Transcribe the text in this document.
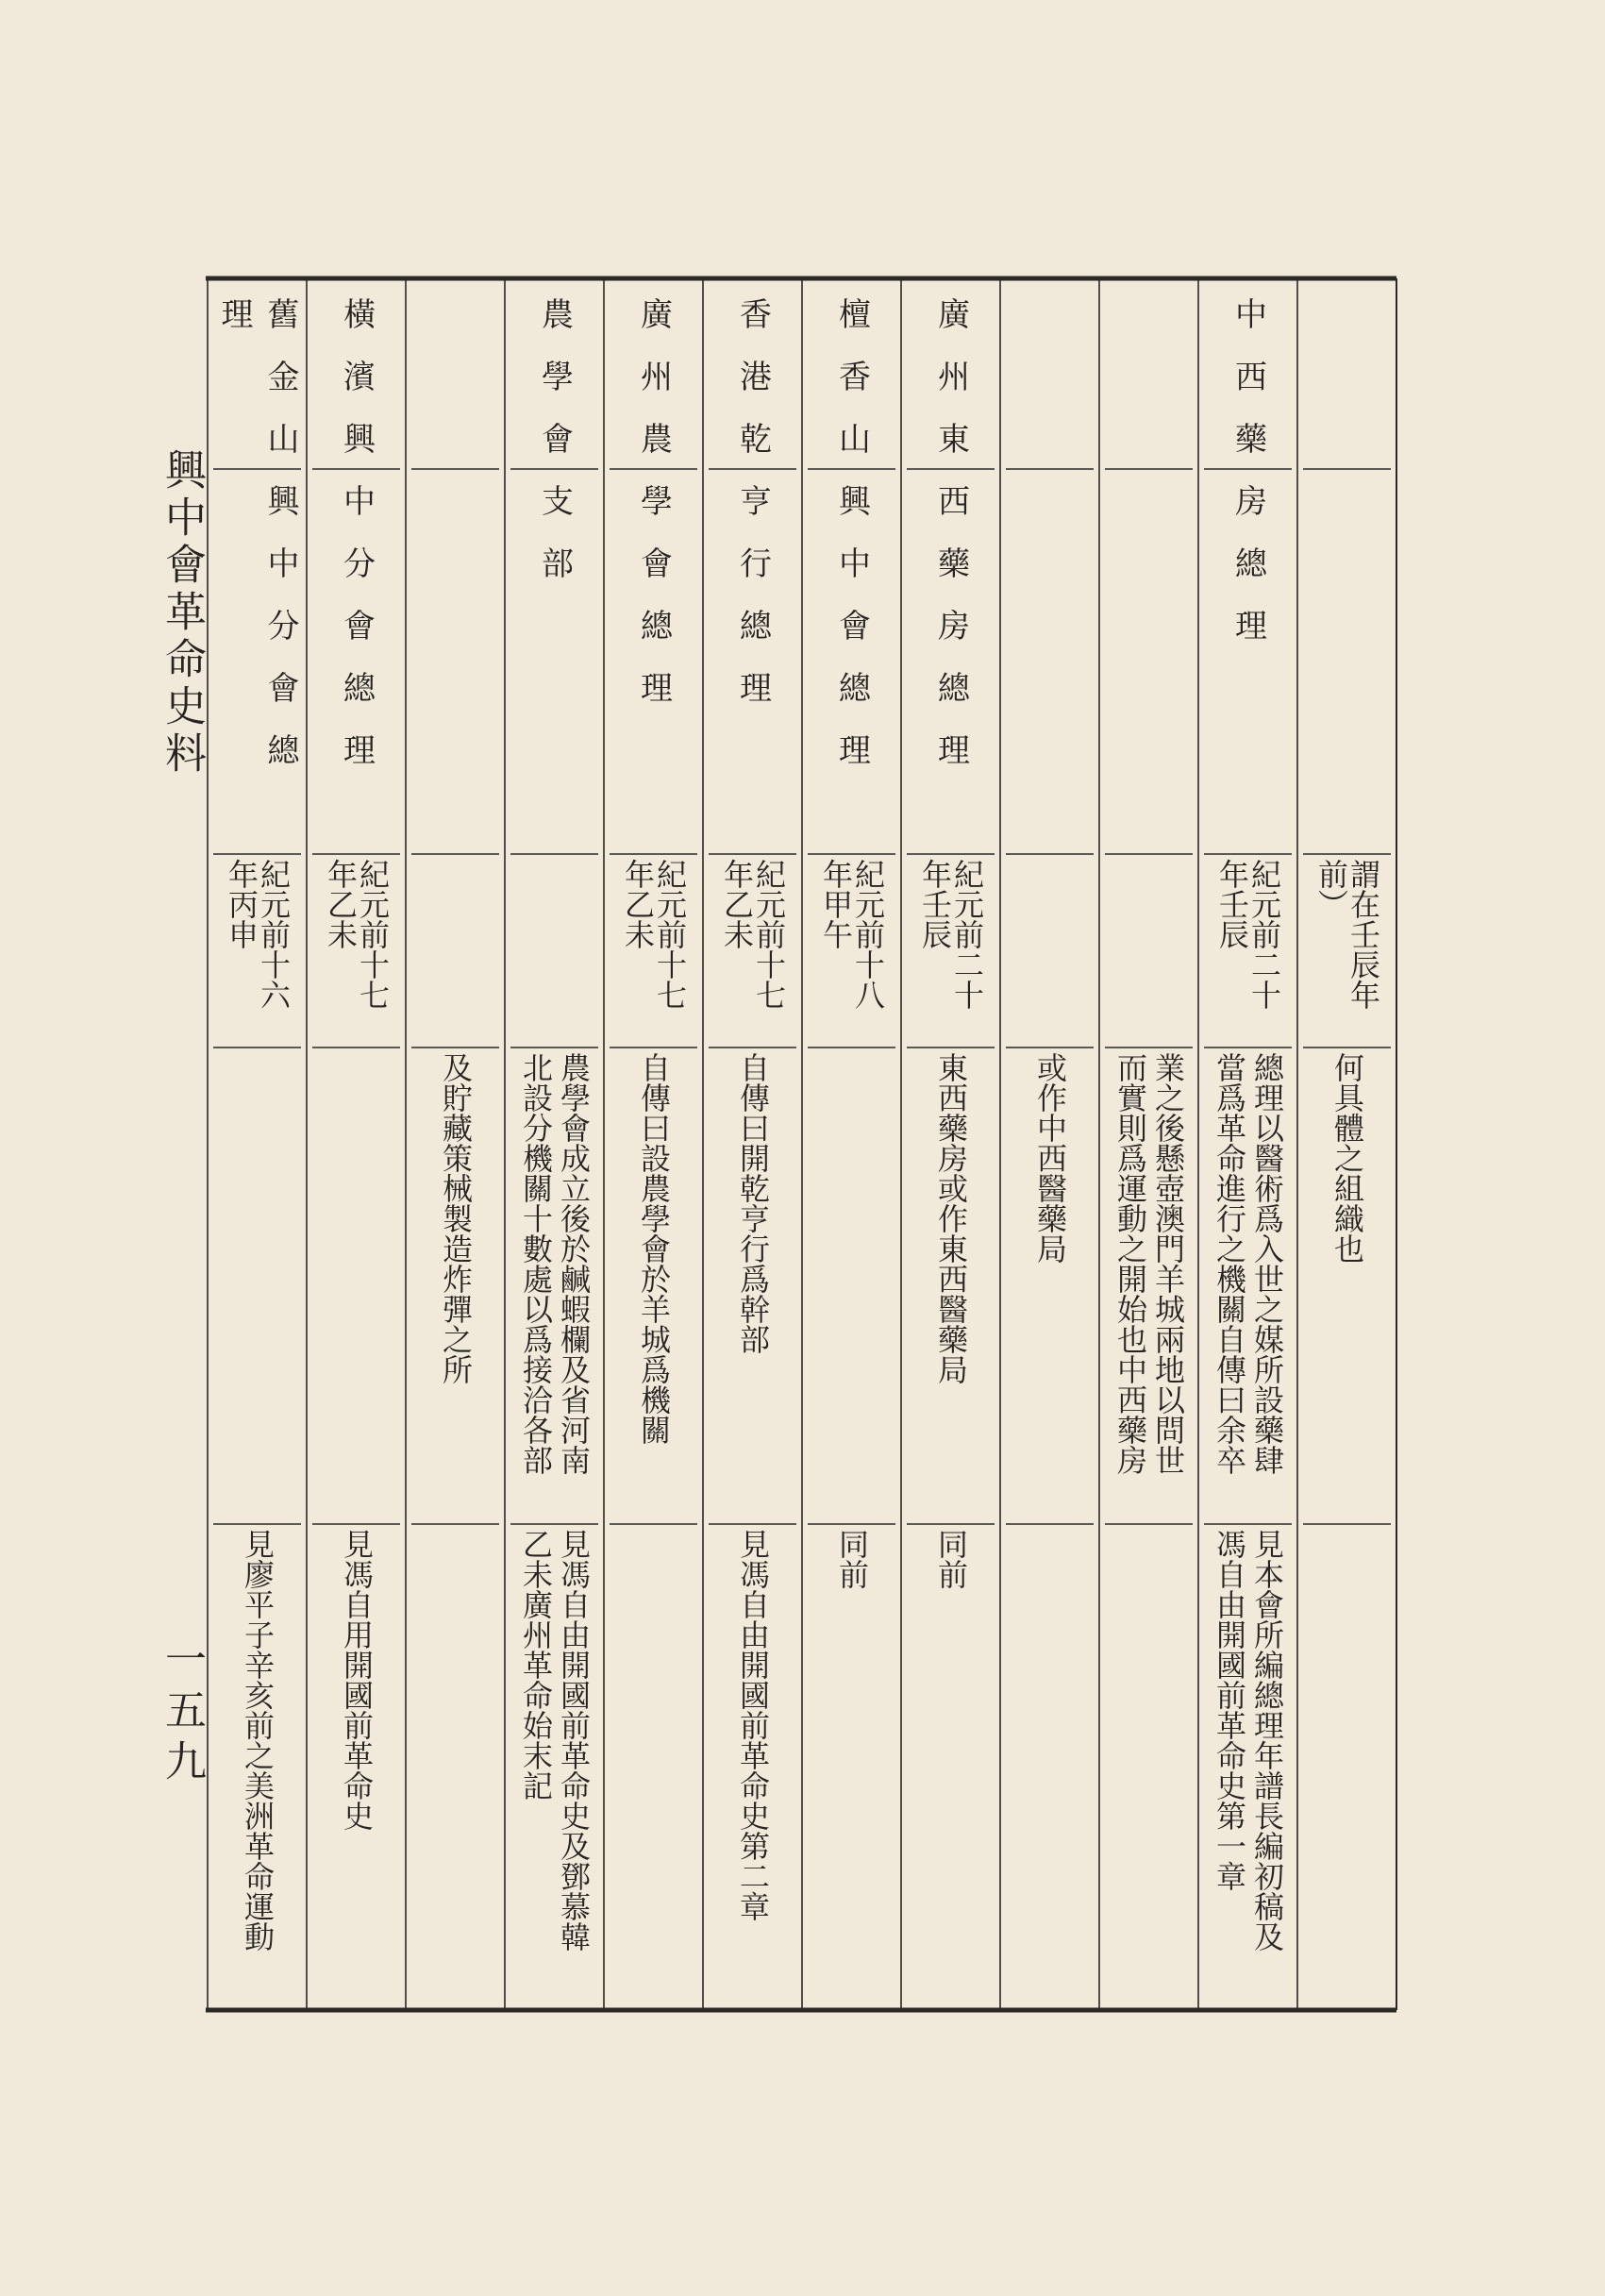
興中會革命史料
一五九
謂在壬辰年前）
何具體之組織也
中西藥房總理
紀元前二十年壬辰
總理以醫術爲入世之媒所設藥肆當爲革命進行之機關自傳曰余卒
見本會所編總理年譜長編初稿及馮自由開國前革命史第一章
業之後懸壺澳門羊城兩地以問世而實則爲運動之開始也中西藥房
或作中西醫藥局
廣州東西藥房總理
紀元前二十年壬辰
東西藥房或作東西醫藥局
同前
檀香山興中會總理
紀元前十八年甲午
同前
香港乾亨行總理
紀元前十七年乙未
自傳曰開乾亨行爲幹部
見馮自由開國前革命史第二章
廣州農學會總理
紀元前十七年乙未
自傳曰設農學會於羊城爲機關
農學會支部
農學會成立後於鹹蝦欄及省河南北設分機關十數處以爲接洽各部
見馮自由開國前革命史及鄧慕韓乙未廣州革命始末記
及貯藏策械製造炸彈之所
橫濱興中分會總理
紀元前十七年乙未
見馮自用開國前革命史
舊金山興中分會總理
紀元前十六年丙申
見廖平子辛亥前之美洲革命運動
